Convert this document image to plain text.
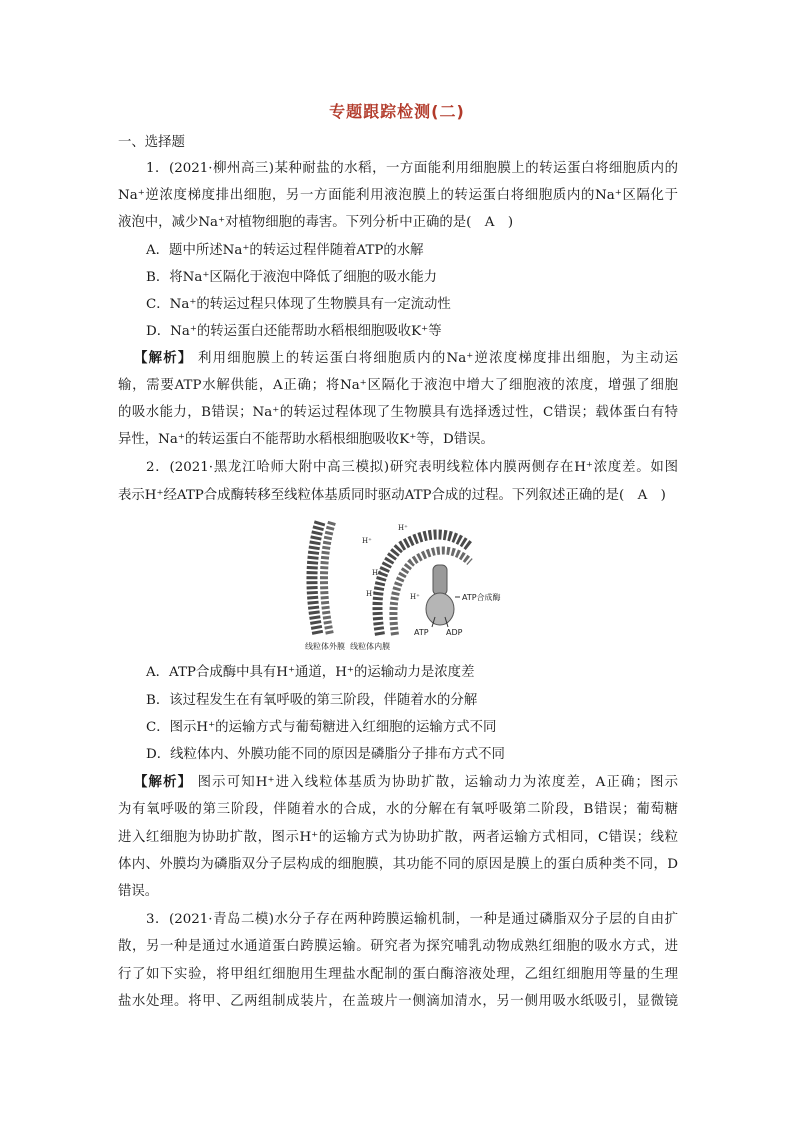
专题跟踪检测(二)
一、选择题
1．(2021·柳州高三)某种耐盐的水稻，一方面能利用细胞膜上的转运蛋白将细胞质内的
Na⁺逆浓度梯度排出细胞，另一方面能利用液泡膜上的转运蛋白将细胞质内的Na⁺区隔化于
液泡中，减少Na⁺对植物细胞的毒害。下列分析中正确的是(　A　)
A．题中所述Na⁺的转运过程伴随着ATP的水解
B．将Na⁺区隔化于液泡中降低了细胞的吸水能力
C．Na⁺的转运过程只体现了生物膜具有一定流动性
D．Na⁺的转运蛋白还能帮助水稻根细胞吸收K⁺等
【解析】 利用细胞膜上的转运蛋白将细胞质内的Na⁺逆浓度梯度排出细胞，为主动运
输，需要ATP水解供能，A正确；将Na⁺区隔化于液泡中增大了细胞液的浓度，增强了细胞
的吸水能力，B错误；Na⁺的转运过程体现了生物膜具有选择透过性，C错误；载体蛋白有特
异性，Na⁺的转运蛋白不能帮助水稻根细胞吸收K⁺等，D错误。
2．(2021·黑龙江哈师大附中高三模拟)研究表明线粒体内膜两侧存在H⁺浓度差。如图
表示H⁺经ATP合成酶转移至线粒体基质同时驱动ATP合成的过程。下列叙述正确的是(　A　)
H⁺
H⁺
H⁺
H⁺	H⁺	ATP合成酶
ATP ADP
线粒体外膜  线粒体内膜
A．ATP合成酶中具有H⁺通道，H⁺的运输动力是浓度差
B．该过程发生在有氧呼吸的第三阶段，伴随着水的分解
C．图示H⁺的运输方式与葡萄糖进入红细胞的运输方式不同
D．线粒体内、外膜功能不同的原因是磷脂分子排布方式不同
【解析】 图示可知H⁺进入线粒体基质为协助扩散，运输动力为浓度差，A正确；图示
为有氧呼吸的第三阶段，伴随着水的合成，水的分解在有氧呼吸第二阶段，B错误；葡萄糖
进入红细胞为协助扩散，图示H⁺的运输方式为协助扩散，两者运输方式相同，C错误；线粒
体内、外膜均为磷脂双分子层构成的细胞膜，其功能不同的原因是膜上的蛋白质种类不同，D
错误。
3．(2021·青岛二模)水分子存在两种跨膜运输机制，一种是通过磷脂双分子层的自由扩
散，另一种是通过水通道蛋白跨膜运输。研究者为探究哺乳动物成熟红细胞的吸水方式，进
行了如下实验，将甲组红细胞用生理盐水配制的蛋白酶溶液处理，乙组红细胞用等量的生理
盐水处理。将甲、乙两组制成装片，在盖玻片一侧滴加清水，另一侧用吸水纸吸引，显微镜
